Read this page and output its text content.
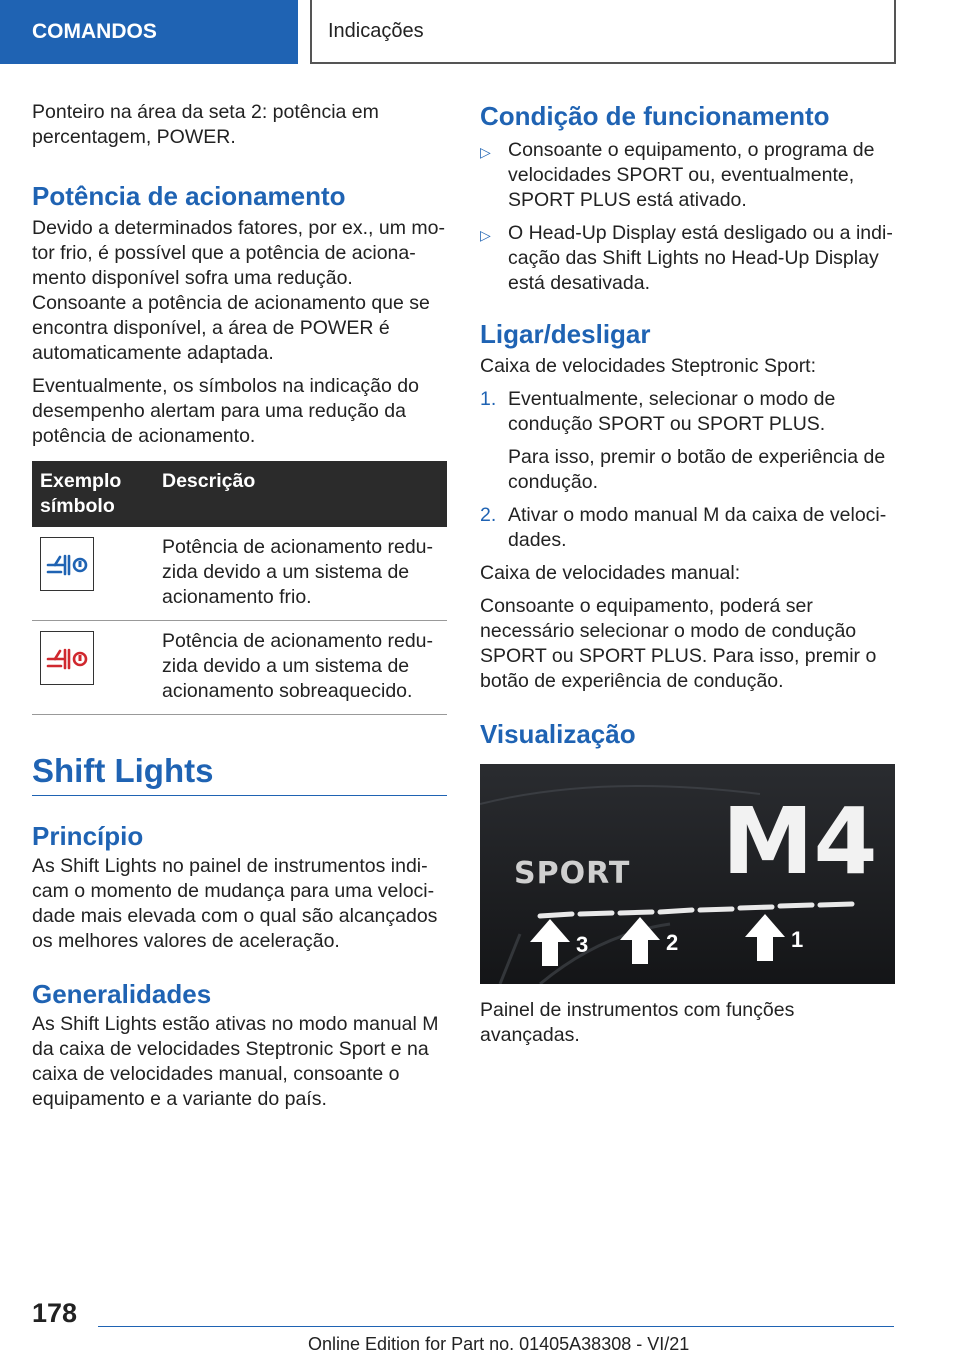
COMANDOS	Indicações

Ponteiro na área da seta 2: potência em percentagem, POWER.

Potência de acionamento

Devido a determinados fatores, por ex., um motor frio, é possível que a potência de acionamento disponível sofra uma redução. Consoante a potência de acionamento que se encontra disponível, a área de POWER é automaticamente adaptada.

Eventualmente, os símbolos na indicação do desempenho alertam para uma redução da potência de acionamento.

Exemplo símbolo	Descrição

	Potência de acionamento reduzida devido a um sistema de acionamento frio.

	Potência de acionamento reduzida devido a um sistema de acionamento sobreaquecido.
Shift Lights
Princípio

As Shift Lights no painel de instrumentos indicam o momento de mudança para uma velocidade mais elevada com o qual são alcançados os melhores valores de aceleração.

Generalidades

As Shift Lights estão ativas no modo manual M da caixa de velocidades Steptronic Sport e na caixa de velocidades manual, consoante o equipamento e a variante do país.

Condição de funcionamento
▷ Consoante o equipamento, o programa de velocidades SPORT ou, eventualmente, SPORT PLUS está ativado.
▷ O Head-Up Display está desligado ou a indicação das Shift Lights no Head-Up Display está desativada.
Ligar/desligar

Caixa de velocidades Steptronic Sport:

1. Eventualmente, selecionar o modo de condução SPORT ou SPORT PLUS.

Para isso, premir o botão de experiência de condução.

2. Ativar o modo manual M da caixa de velocidades.

Caixa de velocidades manual:

Consoante o equipamento, poderá ser necessário selecionar o modo de condução SPORT ou SPORT PLUS. Para isso, premir o botão de experiência de condução.

Visualização
SPORT M4
3	2	1

Painel de instrumentos com funções avançadas.

178
Online Edition for Part no. 01405A38308 - VI/21
